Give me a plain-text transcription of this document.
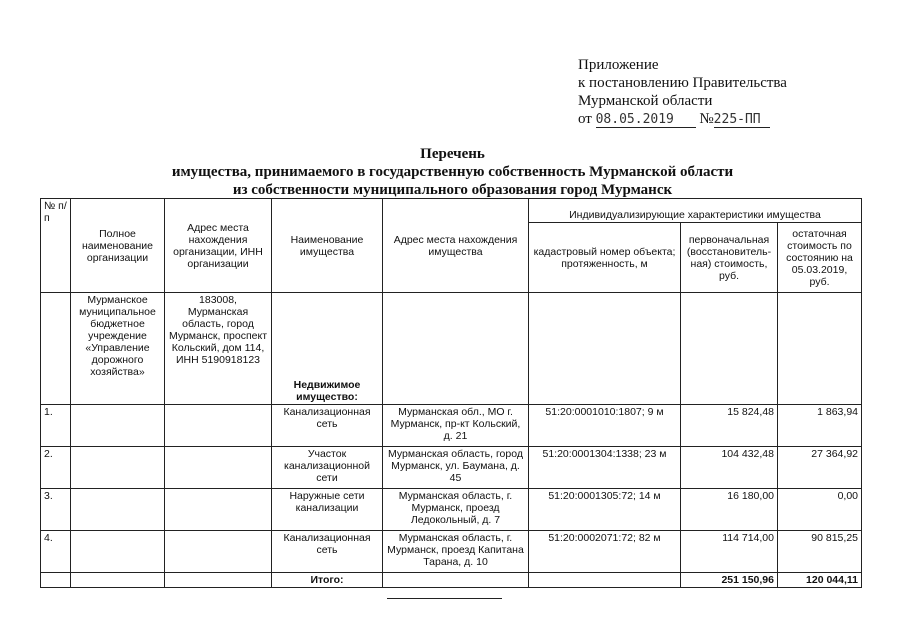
Приложение
к постановлению Правительства
Мурманской области
от 08.05.2019 №225-ПП
Перечень
имущества, принимаемого в государственную собственность Мурманской области
из собственности муниципального образования город Мурманск
№ п/п	Полное наименование организации	Адрес места нахождения организации, ИНН организации	Наименование имущества	Адрес места нахождения имущества	Индивидуализирующие характеристики имущества		
					кадастровый номер объекта; протяженность, м	первоначальная (восстановитель-ная) стоимость, руб.	остаточная стоимость по состоянию на 05.03.2019, руб.
	Мурманское муниципальное бюджетное учреждение «Управление дорожного хозяйства»	183008, Мурманская область, город Мурманск, проспект Кольский, дом 114, ИНН 5190918123	Недвижимое имущество:				
1.			Канализационная сеть	Мурманская обл., МО г. Мурманск, пр-кт Кольский, д. 21	51:20:0001010:1807; 9 м	15 824,48	1 863,94
2.			Участок канализационной сети	Мурманская область, город Мурманск, ул. Баумана, д. 45	51:20:0001304:1338; 23 м	104 432,48	27 364,92
3.			Наружные сети канализации	Мурманская область, г. Мурманск, проезд Ледокольный, д. 7	51:20:0001305:72; 14 м	16 180,00	0,00
4.			Канализационная сеть	Мурманская область, г. Мурманск, проезд Капитана Тарана, д. 10	51:20:0002071:72; 82 м	114 714,00	90 815,25
			Итого:			251 150,96	120 044,11
